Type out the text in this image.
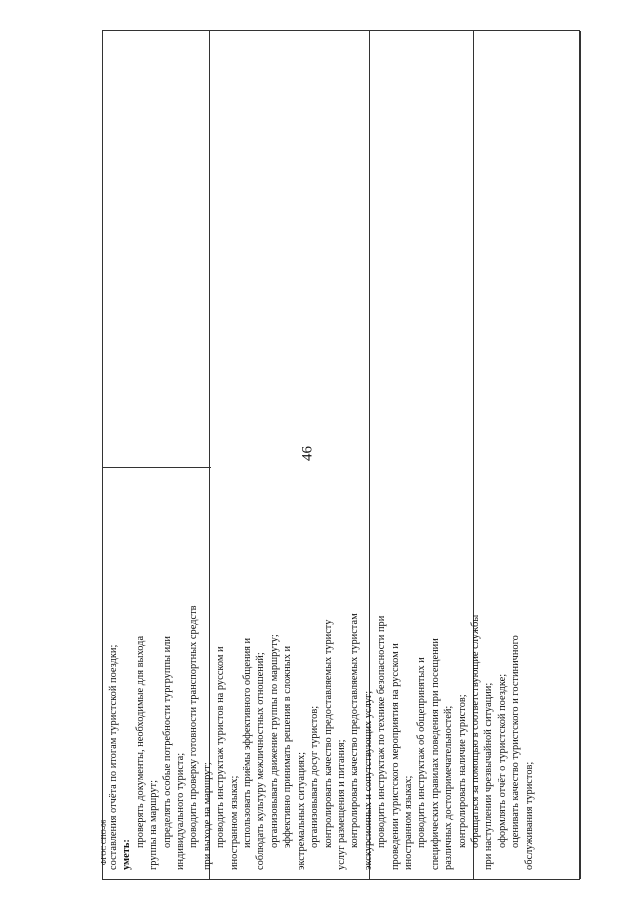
46
составления отчёта по итогам туристской поездки; уметь:
проверять документы, необходимые для выхода группы на маршрут; определять особые потребности тургруппы или индивидуального туриста; проводить проверку готовности транспортных средств при выходе на маршрут; проводить инструктаж туристов на русском и иностранном языках; использовать приёмы эффективного общения и соблюдать культуру межличностных отношений; организовывать движение группы по маршруту; эффективно принимать решения в сложных и экстремальных ситуациях; организовывать досуг туристов; контролировать качество предоставляемых туристу услуг размещения и питания; контролировать качество предоставляемых туристам экскурсионных и сопутствующих услуг; проводить инструктаж по технике безопасности при проведении туристского мероприятия на русском и иностранном языках; проводить инструктаж об общепринятых и специфических правилах поведения при посещении различных достопримечательностей; контролировать наличие туристов; обращаться за помощью в соответствующие службы при наступлении чрезвычайной ситуации; оформлять отчёт о туристской поездке; оценивать качество туристского и гостиничного обслуживания туристов;
ФГОС СПО-06
